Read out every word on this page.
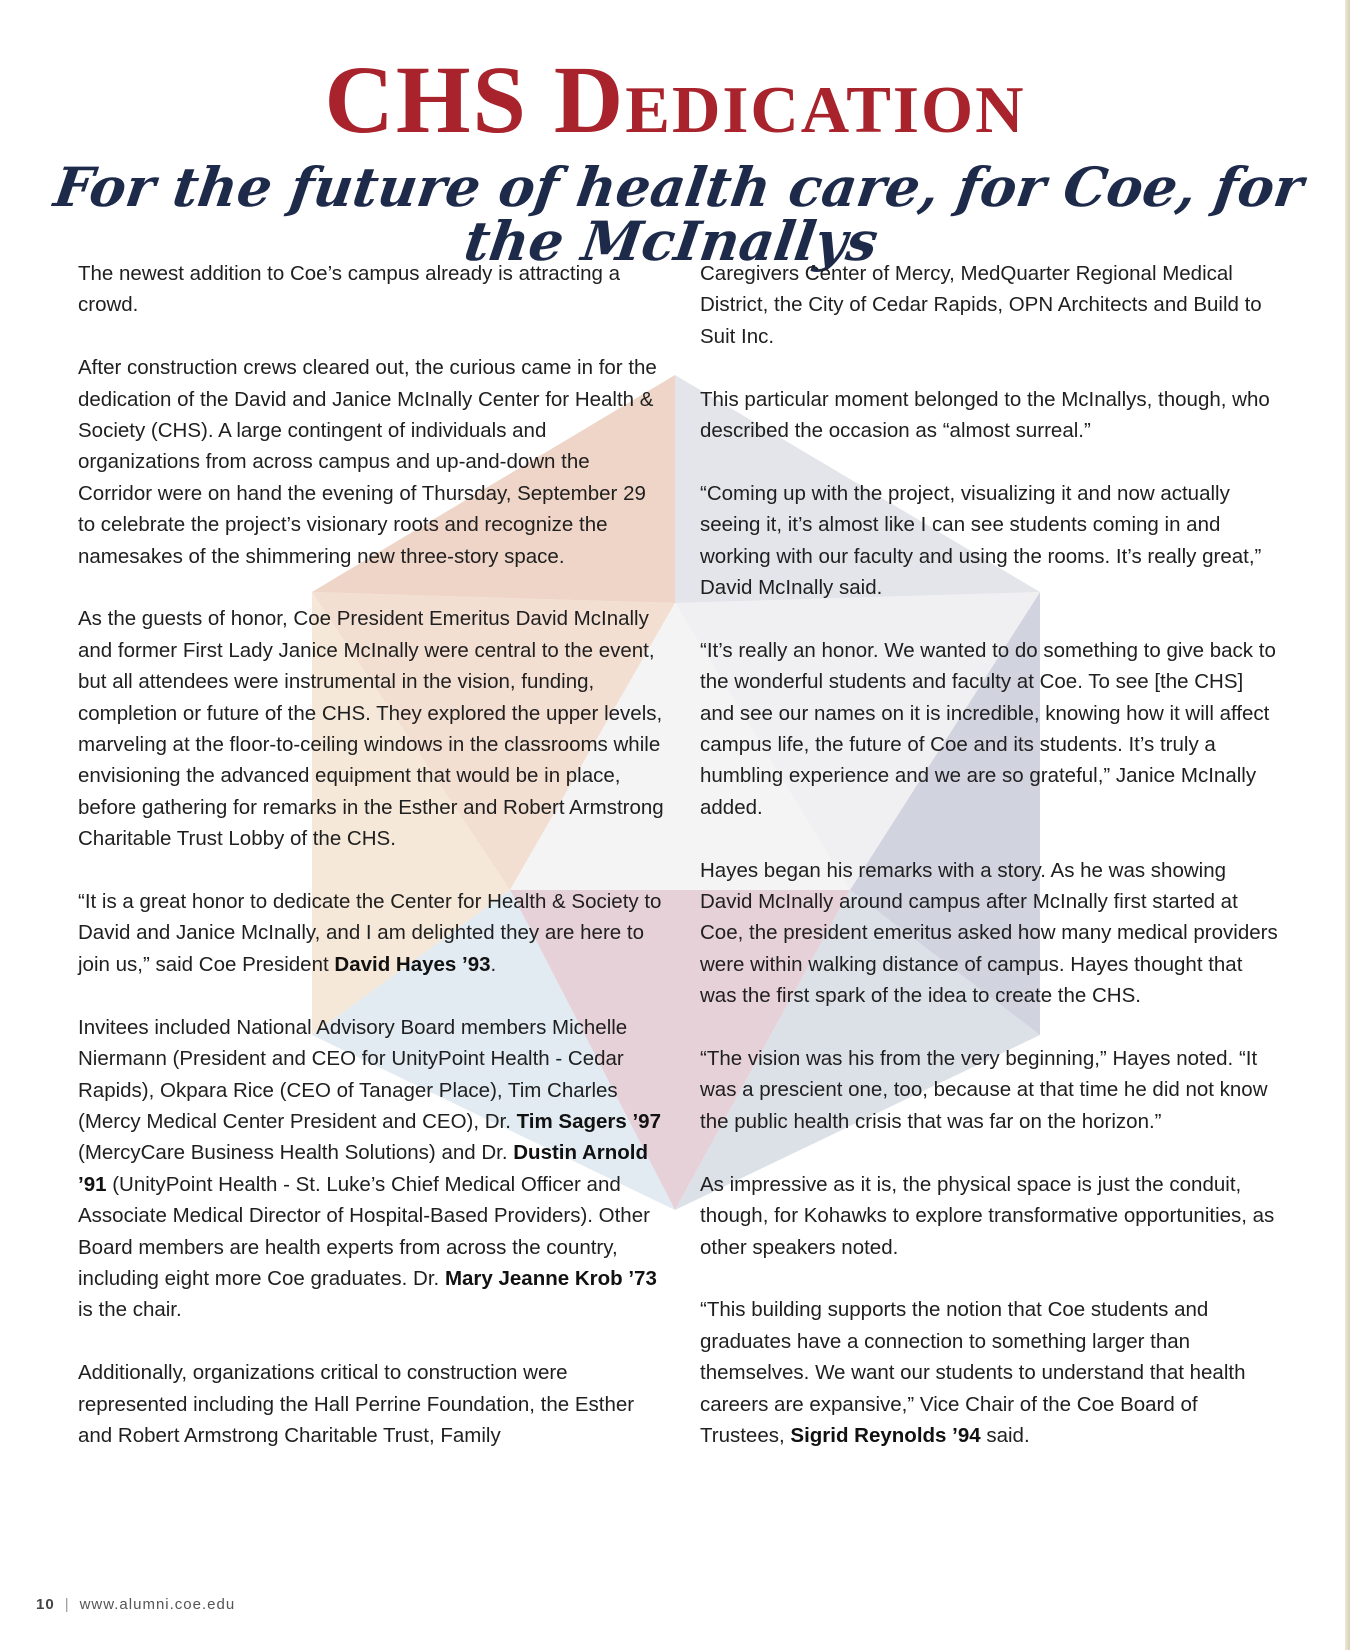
CHS Dedication
For the future of health care, for Coe, for the McInallys

The newest addition to Coe’s campus already is attracting a crowd.

After construction crews cleared out, the curious came in for the dedication of the David and Janice McInally Center for Health & Society (CHS). A large contingent of individuals and organizations from across campus and up-and-down the Corridor were on hand the evening of Thursday, September 29 to celebrate the project’s visionary roots and recognize the namesakes of the shimmering new three-story space.

As the guests of honor, Coe President Emeritus David McInally and former First Lady Janice McInally were central to the event, but all attendees were instrumental in the vision, funding, completion or future of the CHS. They explored the upper levels, marveling at the floor-to-ceiling windows in the classrooms while envisioning the advanced equipment that would be in place, before gathering for remarks in the Esther and Robert Armstrong Charitable Trust Lobby of the CHS.

“It is a great honor to dedicate the Center for Health & Society to David and Janice McInally, and I am delighted they are here to join us,” said Coe President David Hayes ’93.

Invitees included National Advisory Board members Michelle Niermann (President and CEO for UnityPoint Health - Cedar Rapids), Okpara Rice (CEO of Tanager Place), Tim Charles (Mercy Medical Center President and CEO), Dr. Tim Sagers ’97 (MercyCare Business Health Solutions) and Dr. Dustin Arnold ’91 (UnityPoint Health - St. Luke’s Chief Medical Officer and Associate Medical Director of Hospital-Based Providers). Other Board members are health experts from across the country, including eight more Coe graduates. Dr. Mary Jeanne Krob ’73 is the chair.

Additionally, organizations critical to construction were represented including the Hall Perrine Foundation, the Esther and Robert Armstrong Charitable Trust, Family

Caregivers Center of Mercy, MedQuarter Regional Medical District, the City of Cedar Rapids, OPN Architects and Build to Suit Inc.

This particular moment belonged to the McInallys, though, who described the occasion as “almost surreal.”

“Coming up with the project, visualizing it and now actually seeing it, it’s almost like I can see students coming in and working with our faculty and using the rooms. It’s really great,” David McInally said.

“It’s really an honor. We wanted to do something to give back to the wonderful students and faculty at Coe. To see [the CHS] and see our names on it is incredible, knowing how it will affect campus life, the future of Coe and its students. It’s truly a humbling experience and we are so grateful,” Janice McInally added.

Hayes began his remarks with a story. As he was showing David McInally around campus after McInally first started at Coe, the president emeritus asked how many medical providers were within walking distance of campus. Hayes thought that was the first spark of the idea to create the CHS.

“The vision was his from the very beginning,” Hayes noted. “It was a prescient one, too, because at that time he did not know the public health crisis that was far on the horizon.”

As impressive as it is, the physical space is just the conduit, though, for Kohawks to explore transformative opportunities, as other speakers noted.

“This building supports the notion that Coe students and graduates have a connection to something larger than themselves. We want our students to understand that health careers are expansive,” Vice Chair of the Coe Board of Trustees, Sigrid Reynolds ’94 said.

10 | www.alumni.coe.edu
